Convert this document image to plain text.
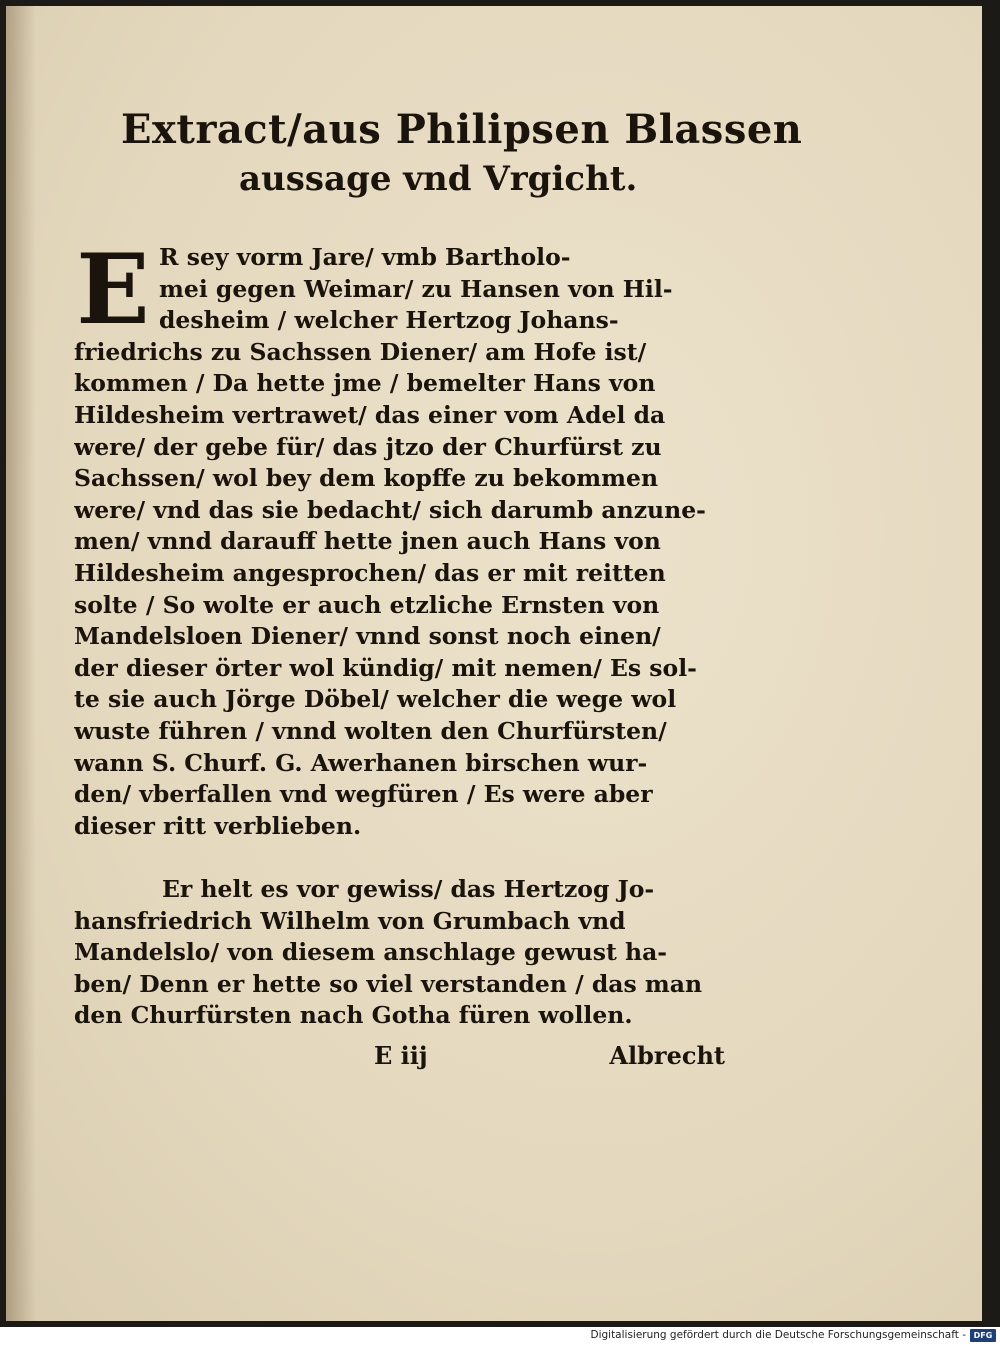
Extract/aus Philipsen Blassen
aussage vnd Vrgicht.
E R sey vorm Jare/ vmb Bartholo-
mei gegen Weimar/ zu Hansen von Hil-
desheim / welcher Hertzog Johans-
friedrichs zu Sachssen Diener/ am Hofe ist/
kommen / Da hette jme / bemelter Hans von
Hildesheim vertrawet/ das einer vom Adel da
were/ der gebe für/ das jtzo der Churfürst zu
Sachssen/ wol bey dem kopffe zu bekommen
were/ vnd das sie bedacht/ sich darumb anzune-
men/ vnnd darauff hette jnen auch Hans von
Hildesheim angesprochen/ das er mit reitten
solte / So wolte er auch etzliche Ernsten von
Mandelsloen Diener/ vnnd sonst noch einen/
der dieser örter wol kündig/ mit nemen/ Es sol-
te sie auch Jörge Döbel/ welcher die wege wol
wuste führen / vnnd wolten den Churfürsten/
wann S. Churf. G. Awerhanen birschen wur-
den/ vberfallen vnd wegfüren / Es were aber
dieser ritt verblieben.
Er helt es vor gewiss/ das Hertzog Jo-
hansfriedrich Wilhelm von Grumbach vnd
Mandelslo/ von diesem anschlage gewust ha-
ben/ Denn er hette so viel verstanden / das man
den Churfürsten nach Gotha füren wollen.
E iij	Albrecht
Digitalisierung gefördert durch die Deutsche Forschungsgemeinschaft - DFG
